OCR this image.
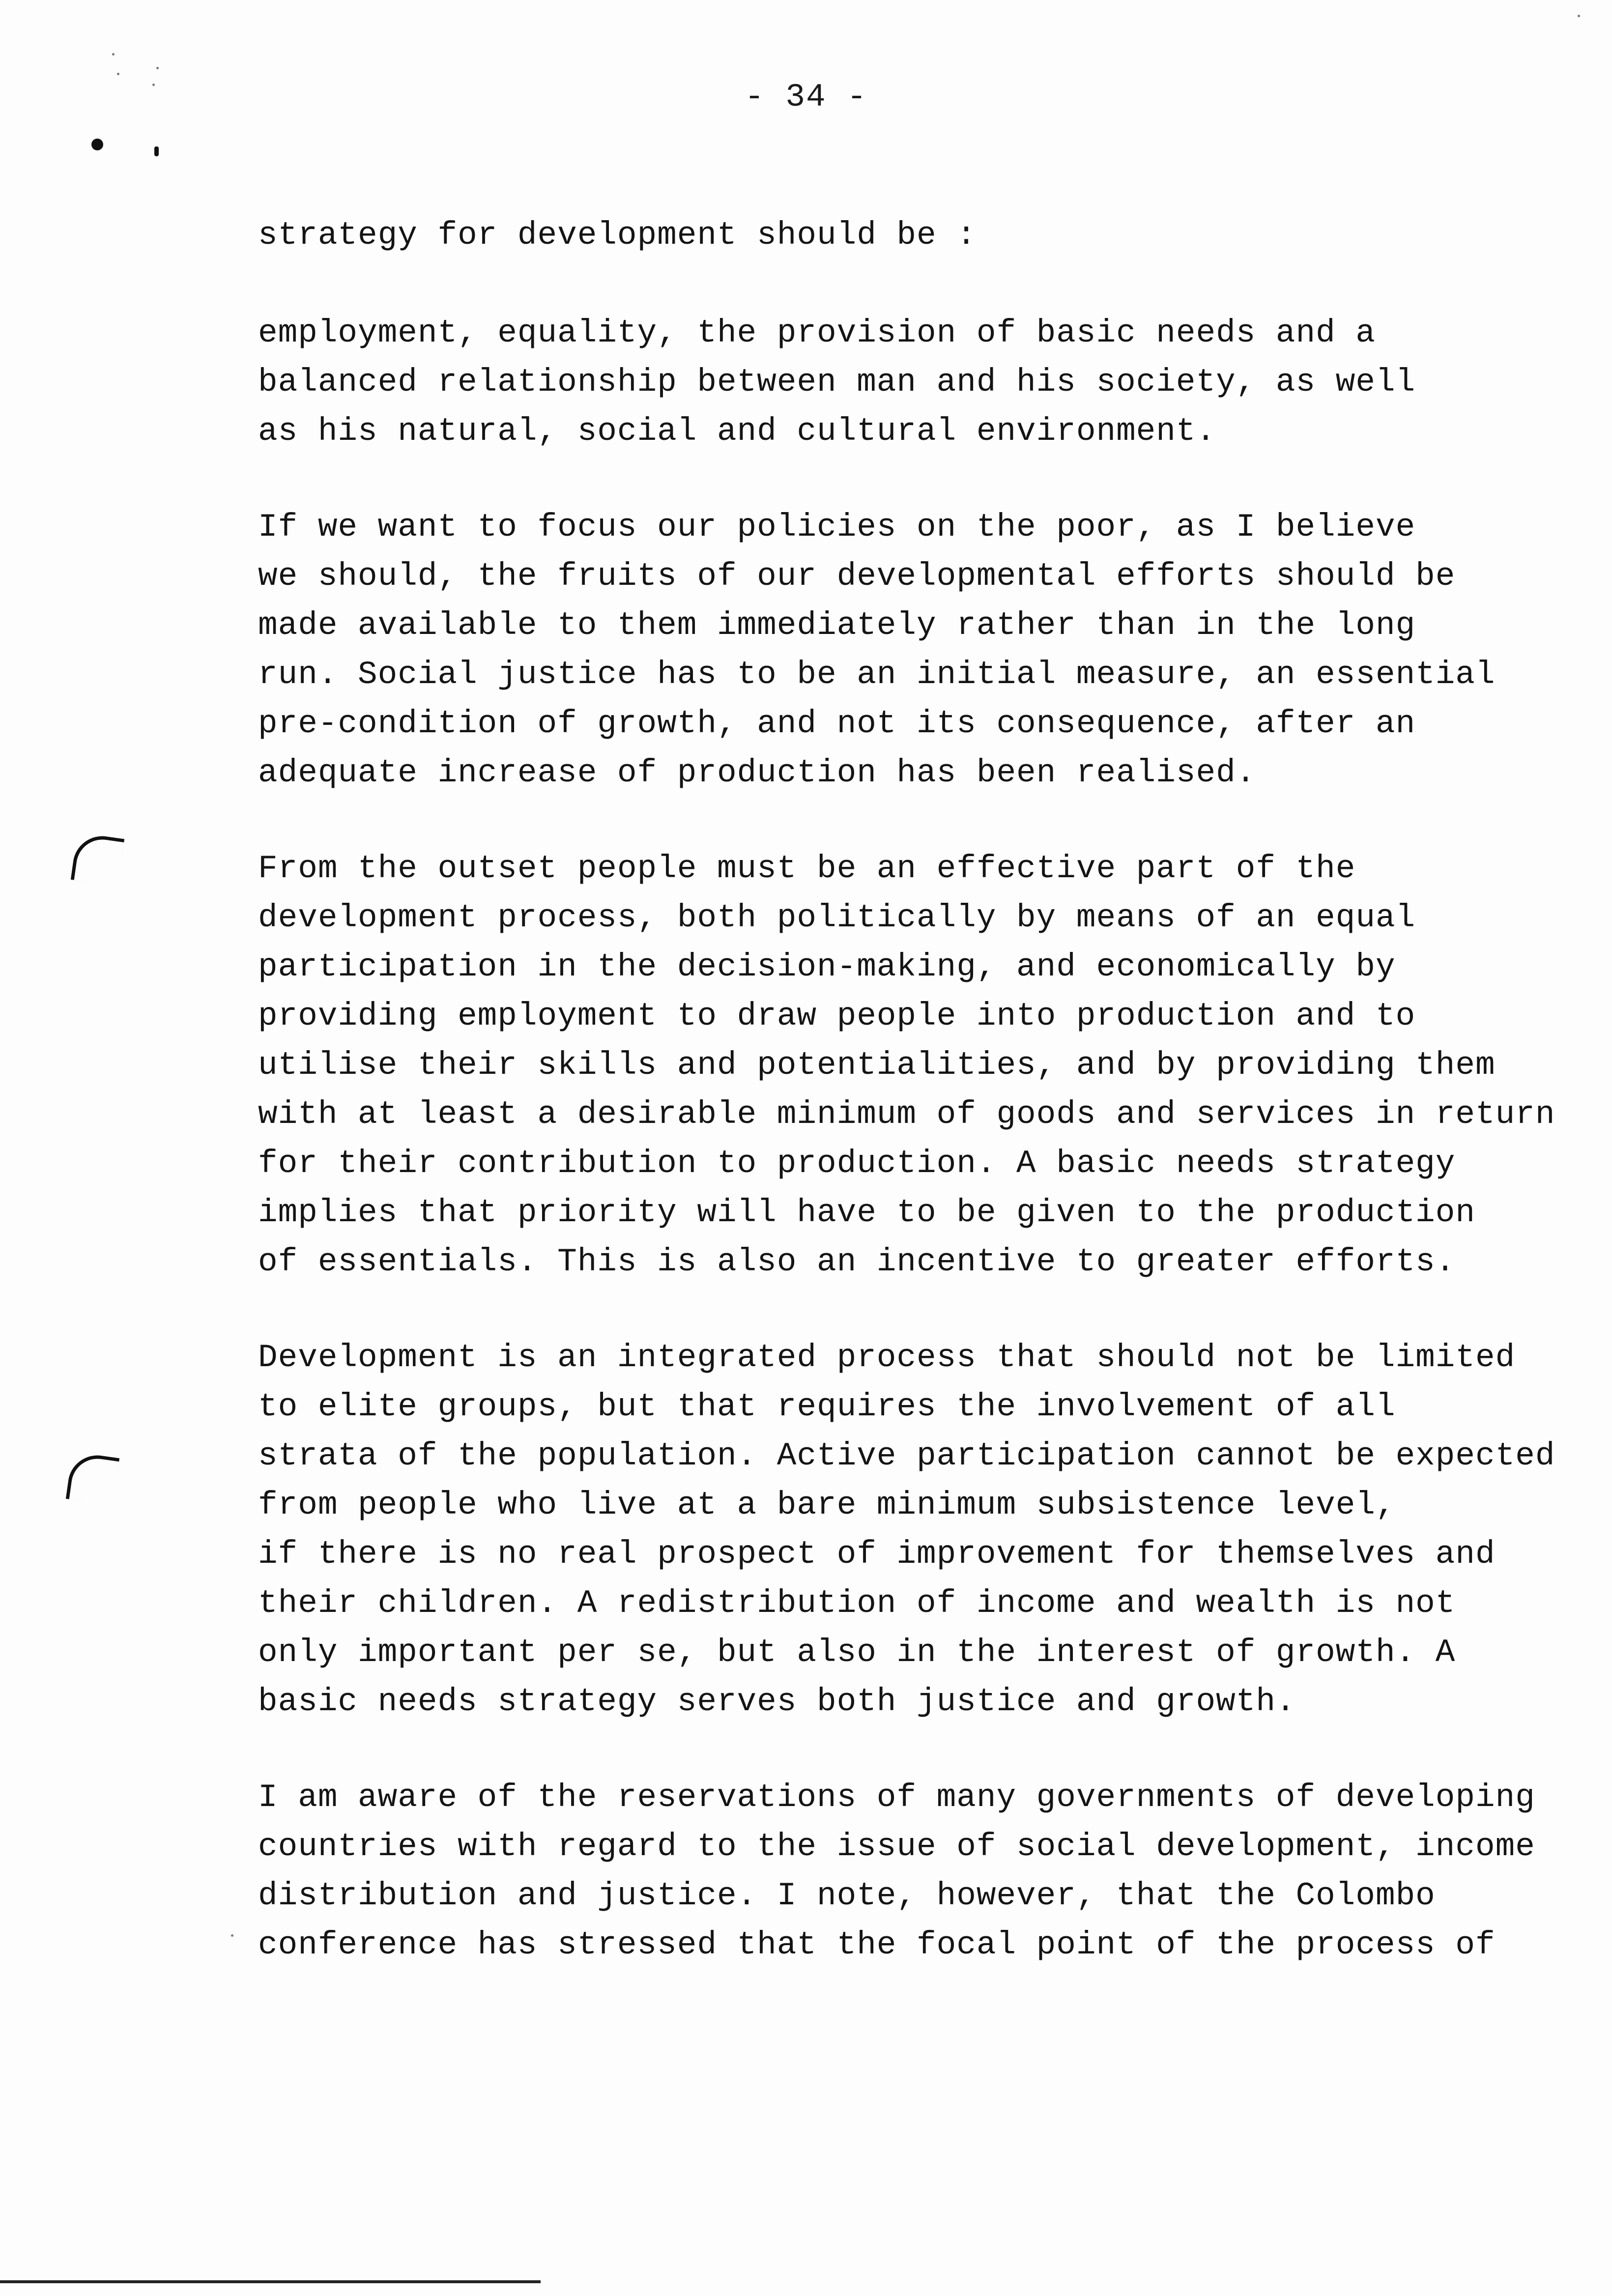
- 34 -
strategy for development should be :
employment, equality, the provision of basic needs and a
balanced relationship between man and his society, as well
as his natural, social and cultural environment.
If we want to focus our policies on the poor, as I believe
we should, the fruits of our developmental efforts should be
made available to them immediately rather than in the long
run. Social justice has to be an initial measure, an essential
pre-condition of growth, and not its consequence, after an
adequate increase of production has been realised.
From the outset people must be an effective part of the
development process, both politically by means of an equal
participation in the decision-making, and economically by
providing employment to draw people into production and to
utilise their skills and potentialities, and by providing them
with at least a desirable minimum of goods and services in return
for their contribution to production. A basic needs strategy
implies that priority will have to be given to the production
of essentials. This is also an incentive to greater efforts.
Development is an integrated process that should not be limited
to elite groups, but that requires the involvement of all
strata of the population. Active participation cannot be expected
from people who live at a bare minimum subsistence level,
if there is no real prospect of improvement for themselves and
their children. A redistribution of income and wealth is not
only important per se, but also in the interest of growth. A
basic needs strategy serves both justice and growth.
I am aware of the reservations of many governments of developing
countries with regard to the issue of social development, income
distribution and justice. I note, however, that the Colombo
conference has stressed that the focal point of the process of
